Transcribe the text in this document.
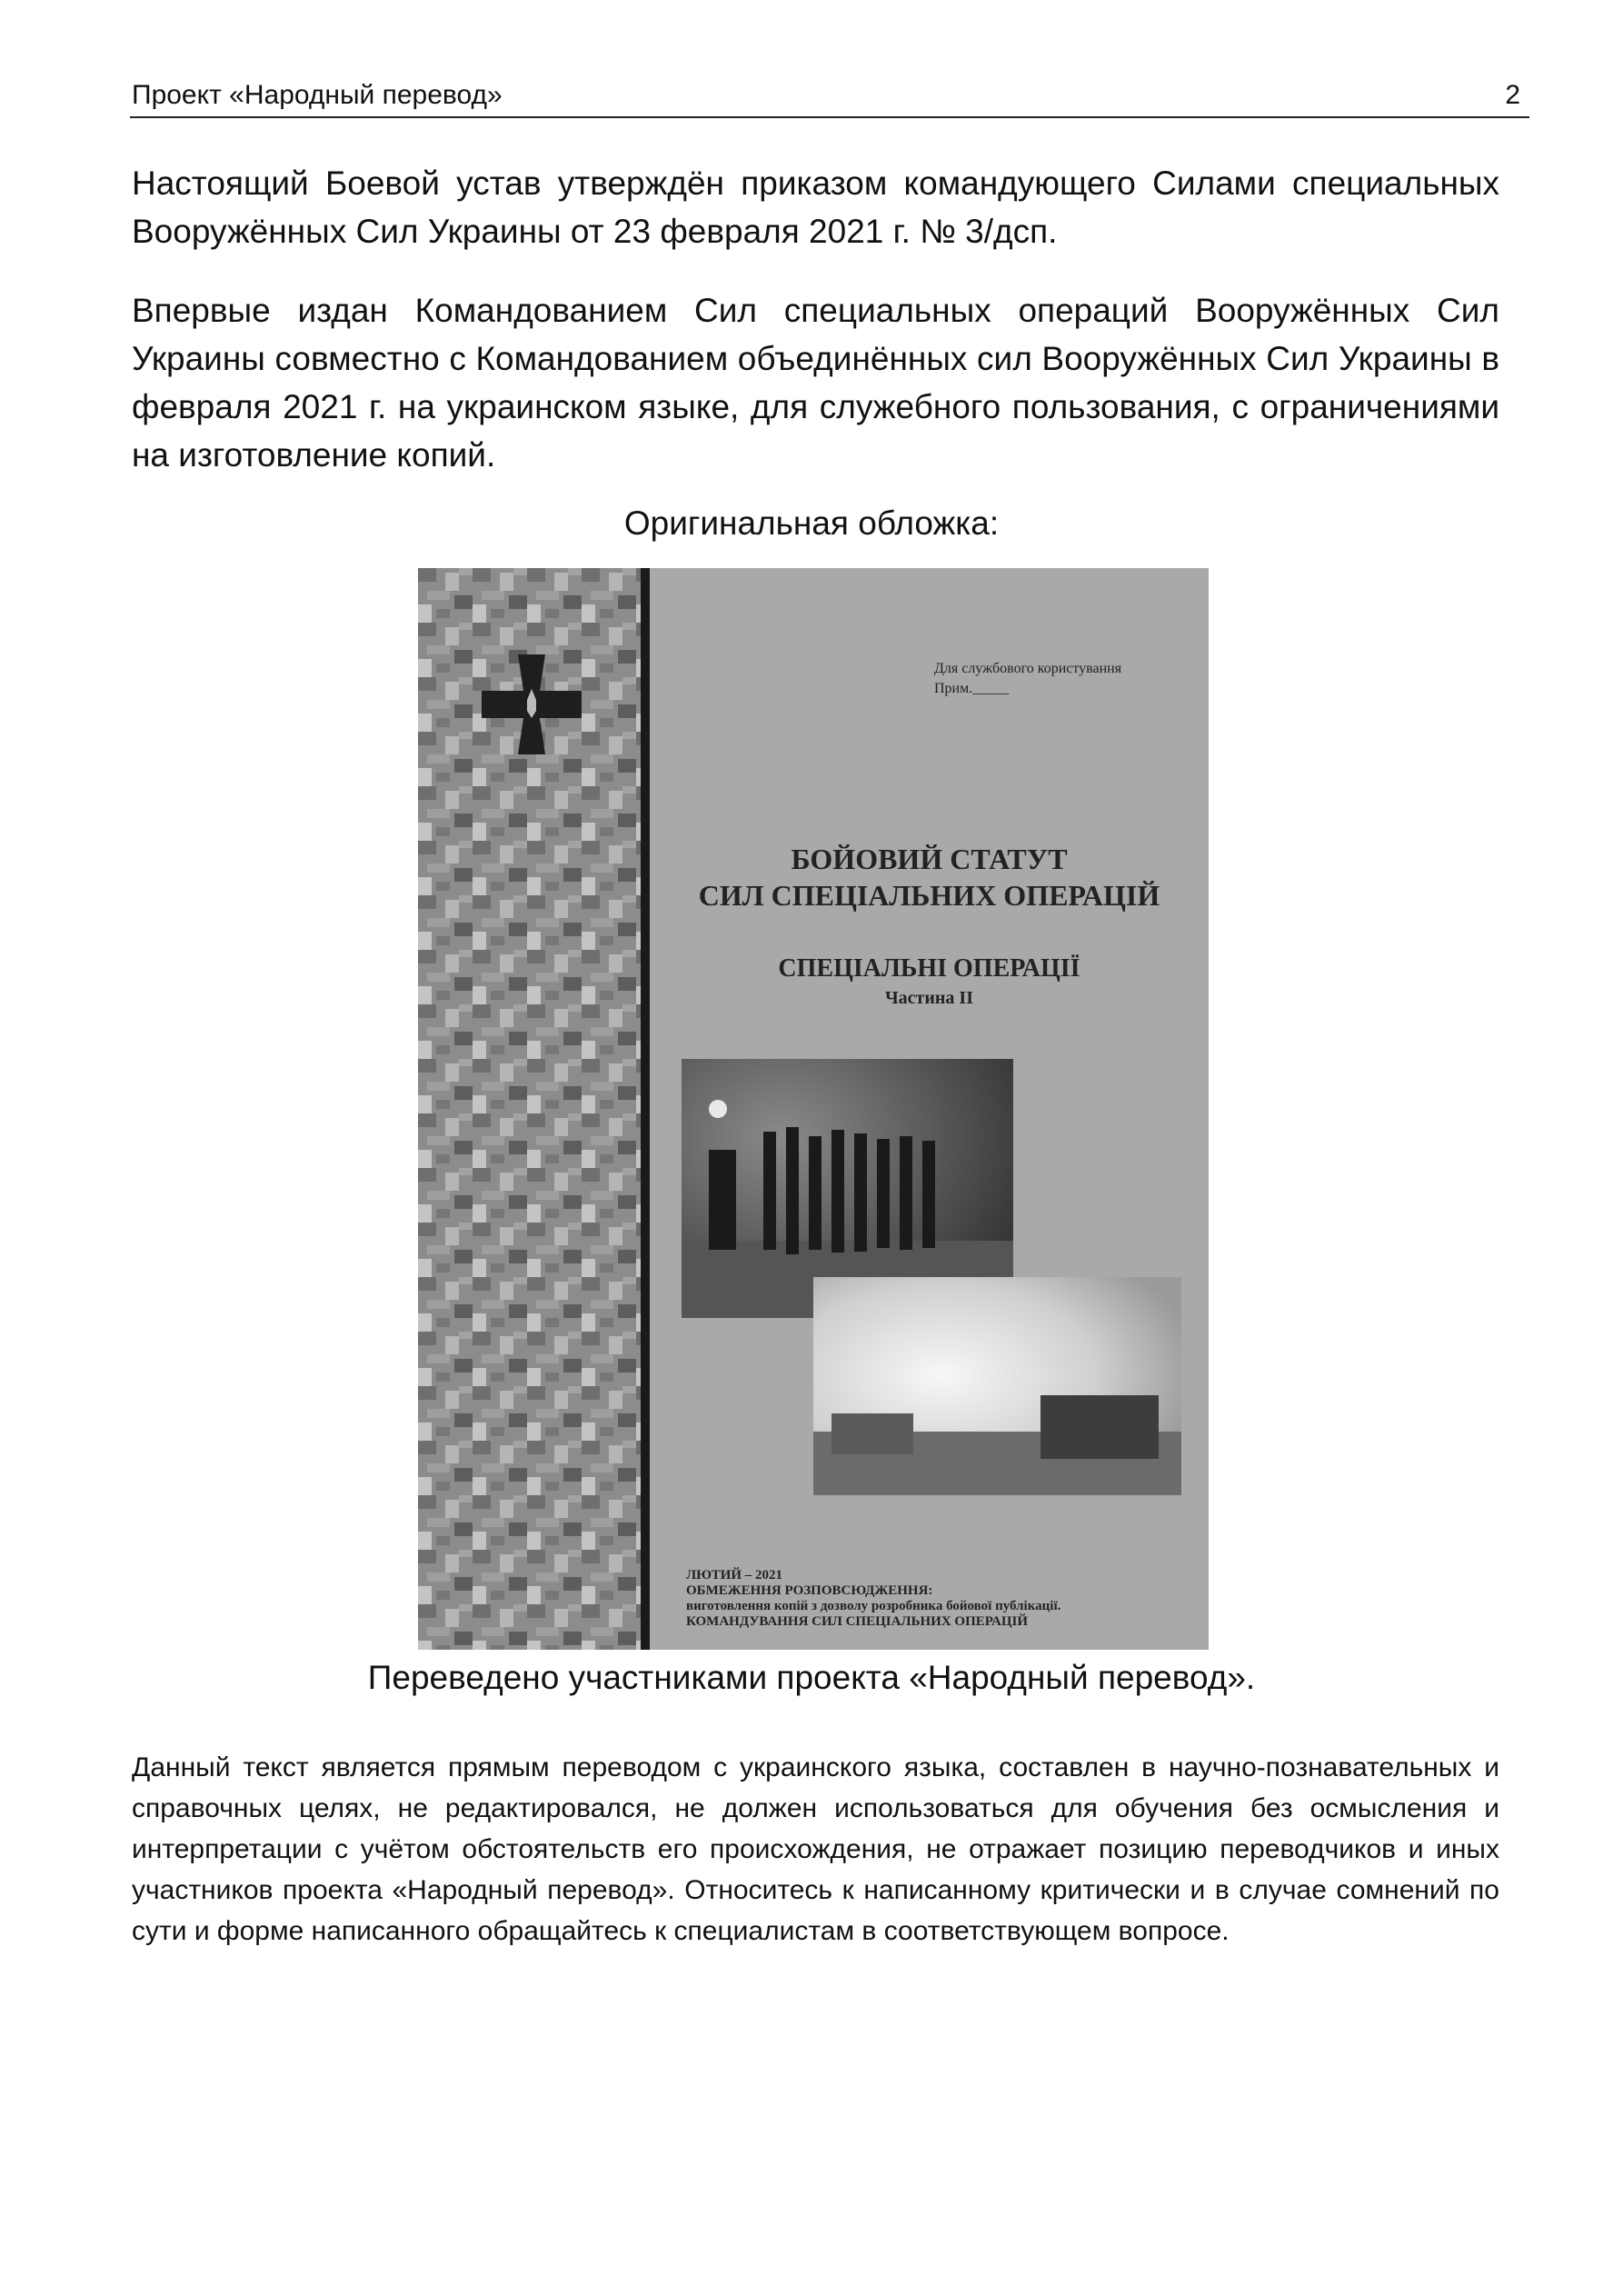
Проект «Народный перевод»	2
Настоящий Боевой устав утверждён приказом командующего Силами специальных Вооружённых Сил Украины от 23 февраля 2021 г. № 3/дсп.
Впервые издан Командованием Сил специальных операций Вооружённых Сил Украины совместно с Командованием объединённых сил Вооружённых Сил Украины в февраля 2021 г. на украинском языке, для служебного пользования, с ограничениями на изготовление копий.
Оригинальная обложка:
Для службового користування
Прим._____
БОЙОВИЙ СТАТУТ
СИЛ СПЕЦІАЛЬНИХ ОПЕРАЦІЙ
СПЕЦІАЛЬНІ ОПЕРАЦІЇ
Частина ІІ
ЛЮТИЙ – 2021
ОБМЕЖЕННЯ РОЗПОВСЮДЖЕННЯ:
виготовлення копій з дозволу розробника бойової публікації.
КОМАНДУВАННЯ СИЛ СПЕЦІАЛЬНИХ ОПЕРАЦІЙ
Переведено участниками проекта «Народный перевод».
Данный текст является прямым переводом с украинского языка, составлен в научно-познавательных и справочных целях, не редактировался, не должен использоваться для обучения без осмысления и интерпретации с учётом обстоятельств его происхождения, не отражает позицию переводчиков и иных участников проекта «Народный перевод». Относитесь к написанному критически и в случае сомнений по сути и форме написанного обращайтесь к специалистам в соответствующем вопросе.
